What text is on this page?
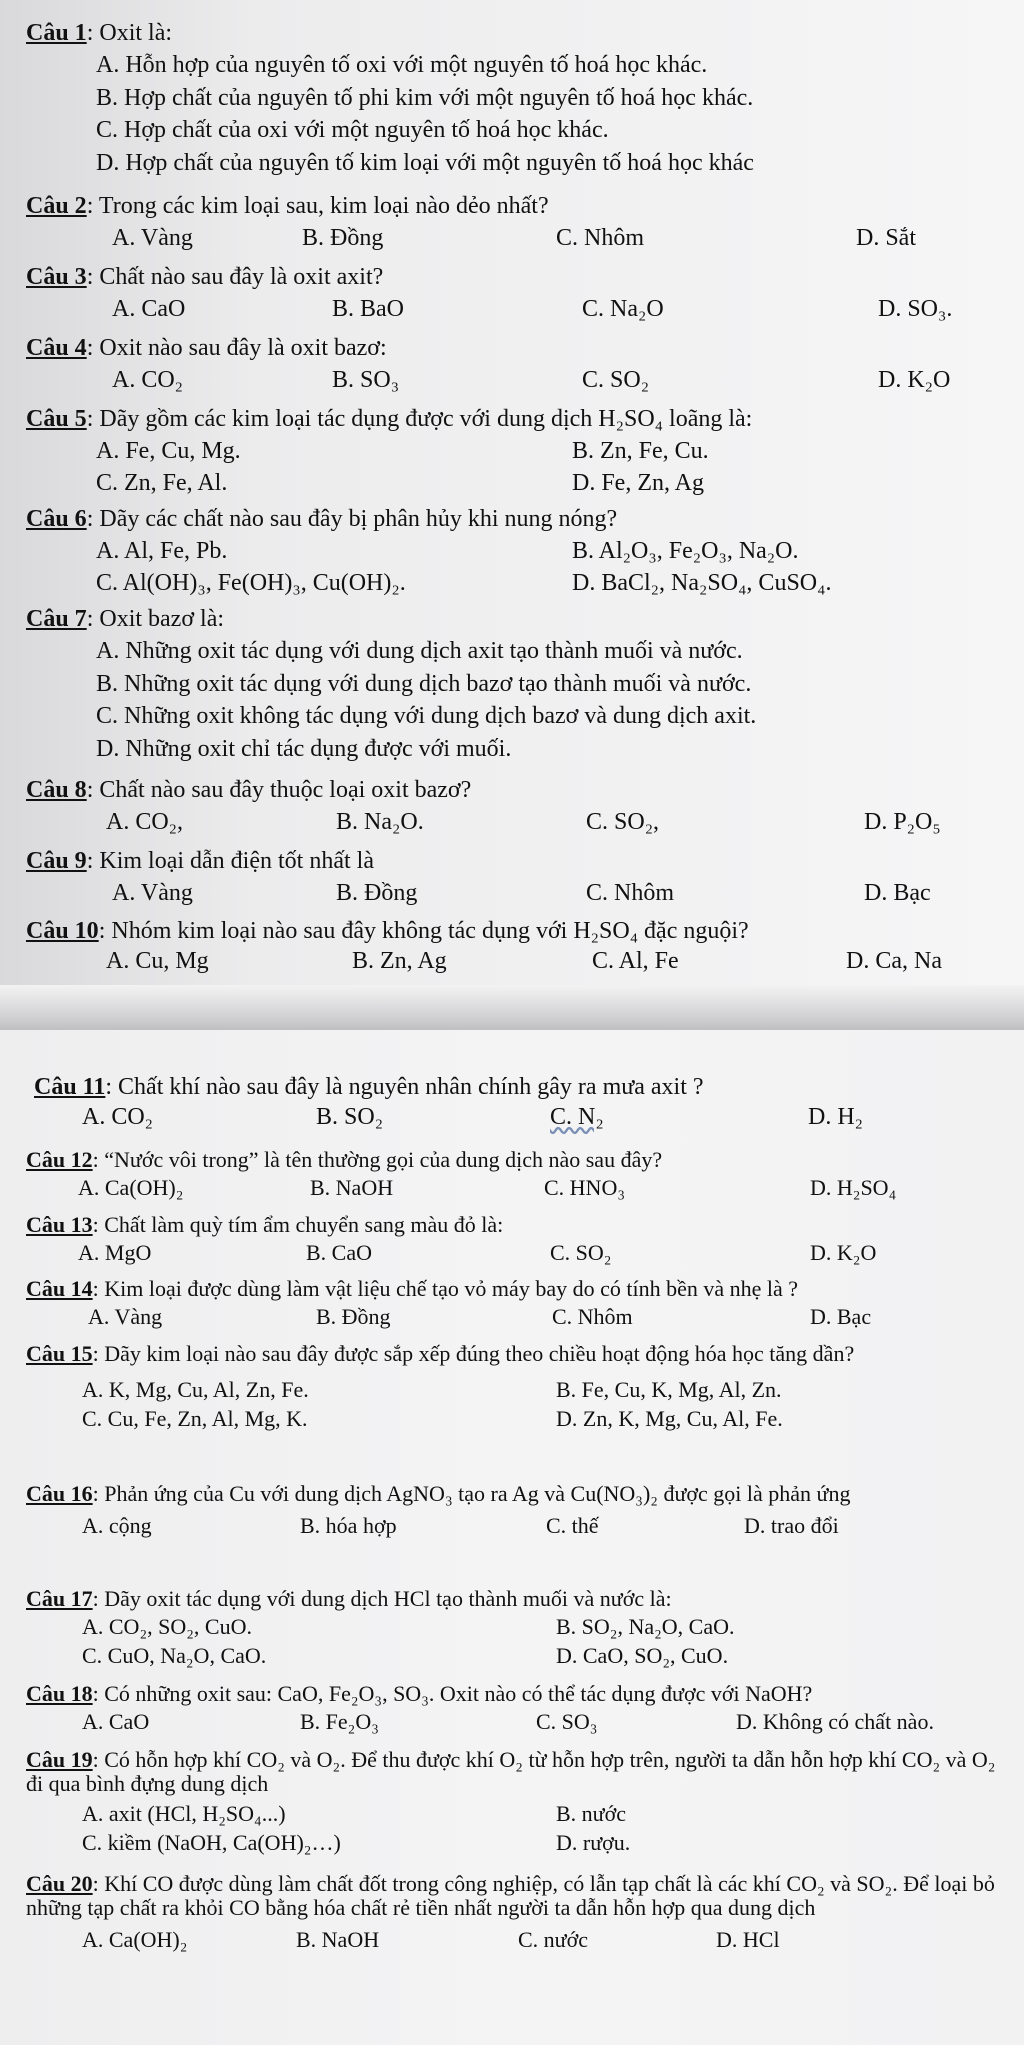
Câu 1: Oxit là:
A. Hỗn hợp của nguyên tố oxi với một nguyên tố hoá học khác.
B. Hợp chất của nguyên tố phi kim với một nguyên tố hoá học khác.
C. Hợp chất của oxi với một nguyên tố hoá học khác.
D. Hợp chất của nguyên tố kim loại với một nguyên tố hoá học khác
Câu 2: Trong các kim loại sau, kim loại nào dẻo nhất?
A. Vàng	B. Đồng	C. Nhôm	D. Sắt
Câu 3: Chất nào sau đây là oxit axit?
A. CaO	B. BaO	C. Na₂O	D. SO₃.
Câu 4: Oxit nào sau đây là oxit bazơ:
A. CO₂	B. SO₃	C. SO₂	D. K₂O
Câu 5: Dãy gồm các kim loại tác dụng được với dung dịch H₂SO₄ loãng là:
A. Fe, Cu, Mg.	B. Zn, Fe, Cu.
C. Zn, Fe, Al.	D. Fe, Zn, Ag
Câu 6: Dãy các chất nào sau đây bị phân hủy khi nung nóng?
A. Al, Fe, Pb.	B. Al₂O₃, Fe₂O₃, Na₂O.
C. Al(OH)₃, Fe(OH)₃, Cu(OH)₂.	D. BaCl₂, Na₂SO₄, CuSO₄.
Câu 7: Oxit bazơ là:
A. Những oxit tác dụng với dung dịch axit tạo thành muối và nước.
B. Những oxit tác dụng với dung dịch bazơ tạo thành muối và nước.
C. Những oxit không tác dụng với dung dịch bazơ và dung dịch axit.
D. Những oxit chỉ tác dụng được với muối.
Câu 8: Chất nào sau đây thuộc loại oxit bazơ?
A. CO₂,	B. Na₂O.	C. SO₂,	D. P₂O₅
Câu 9: Kim loại dẫn điện tốt nhất là
A. Vàng	B. Đồng	C. Nhôm	D. Bạc
Câu 10: Nhóm kim loại nào sau đây không tác dụng với H₂SO₄ đặc nguội?
A. Cu, Mg	B. Zn, Ag	C. Al, Fe	D. Ca, Na
Câu 11: Chất khí nào sau đây là nguyên nhân chính gây ra mưa axit ?
A. CO₂	B. SO₂	C. N₂	D. H₂
Câu 12: “Nước vôi trong” là tên thường gọi của dung dịch nào sau đây?
A. Ca(OH)₂	B. NaOH	C. HNO₃	D. H₂SO₄
Câu 13: Chất làm quỳ tím ẩm chuyển sang màu đỏ là:
A. MgO	B. CaO	C. SO₂	D. K₂O
Câu 14: Kim loại được dùng làm vật liệu chế tạo vỏ máy bay do có tính bền và nhẹ là ?
A. Vàng	B. Đồng	C. Nhôm	D. Bạc
Câu 15: Dãy kim loại nào sau đây được sắp xếp đúng theo chiều hoạt động hóa học tăng dần?
A. K, Mg, Cu, Al, Zn, Fe.	B. Fe, Cu, K, Mg, Al, Zn.
C. Cu, Fe, Zn, Al, Mg, K.	D. Zn, K, Mg, Cu, Al, Fe.
Câu 16: Phản ứng của Cu với dung dịch AgNO₃ tạo ra Ag và Cu(NO₃)₂ được gọi là phản ứng
A. cộng	B. hóa hợp	C. thế	D. trao đổi
Câu 17: Dãy oxit tác dụng với dung dịch HCl tạo thành muối và nước là:
A. CO₂, SO₂, CuO.	B. SO₂, Na₂O, CaO.
C. CuO, Na₂O, CaO.	D. CaO, SO₂, CuO.
Câu 18: Có những oxit sau: CaO, Fe₂O₃, SO₃. Oxit nào có thể tác dụng được với NaOH?
A. CaO	B. Fe₂O₃	C. SO₃	D. Không có chất nào.
Câu 19: Có hỗn hợp khí CO₂ và O₂. Để thu được khí O₂ từ hỗn hợp trên, người ta dẫn hỗn hợp khí CO₂ và O₂ đi qua bình đựng dung dịch
A. axit (HCl, H₂SO₄...)	B. nước
C. kiềm (NaOH, Ca(OH)₂…)	D. rượu.
Câu 20: Khí CO được dùng làm chất đốt trong công nghiệp, có lẫn tạp chất là các khí CO₂ và SO₂. Để loại bỏ những tạp chất ra khỏi CO bằng hóa chất rẻ tiền nhất người ta dẫn hỗn hợp qua dung dịch
A. Ca(OH)₂	B. NaOH	C. nước	D. HCl
